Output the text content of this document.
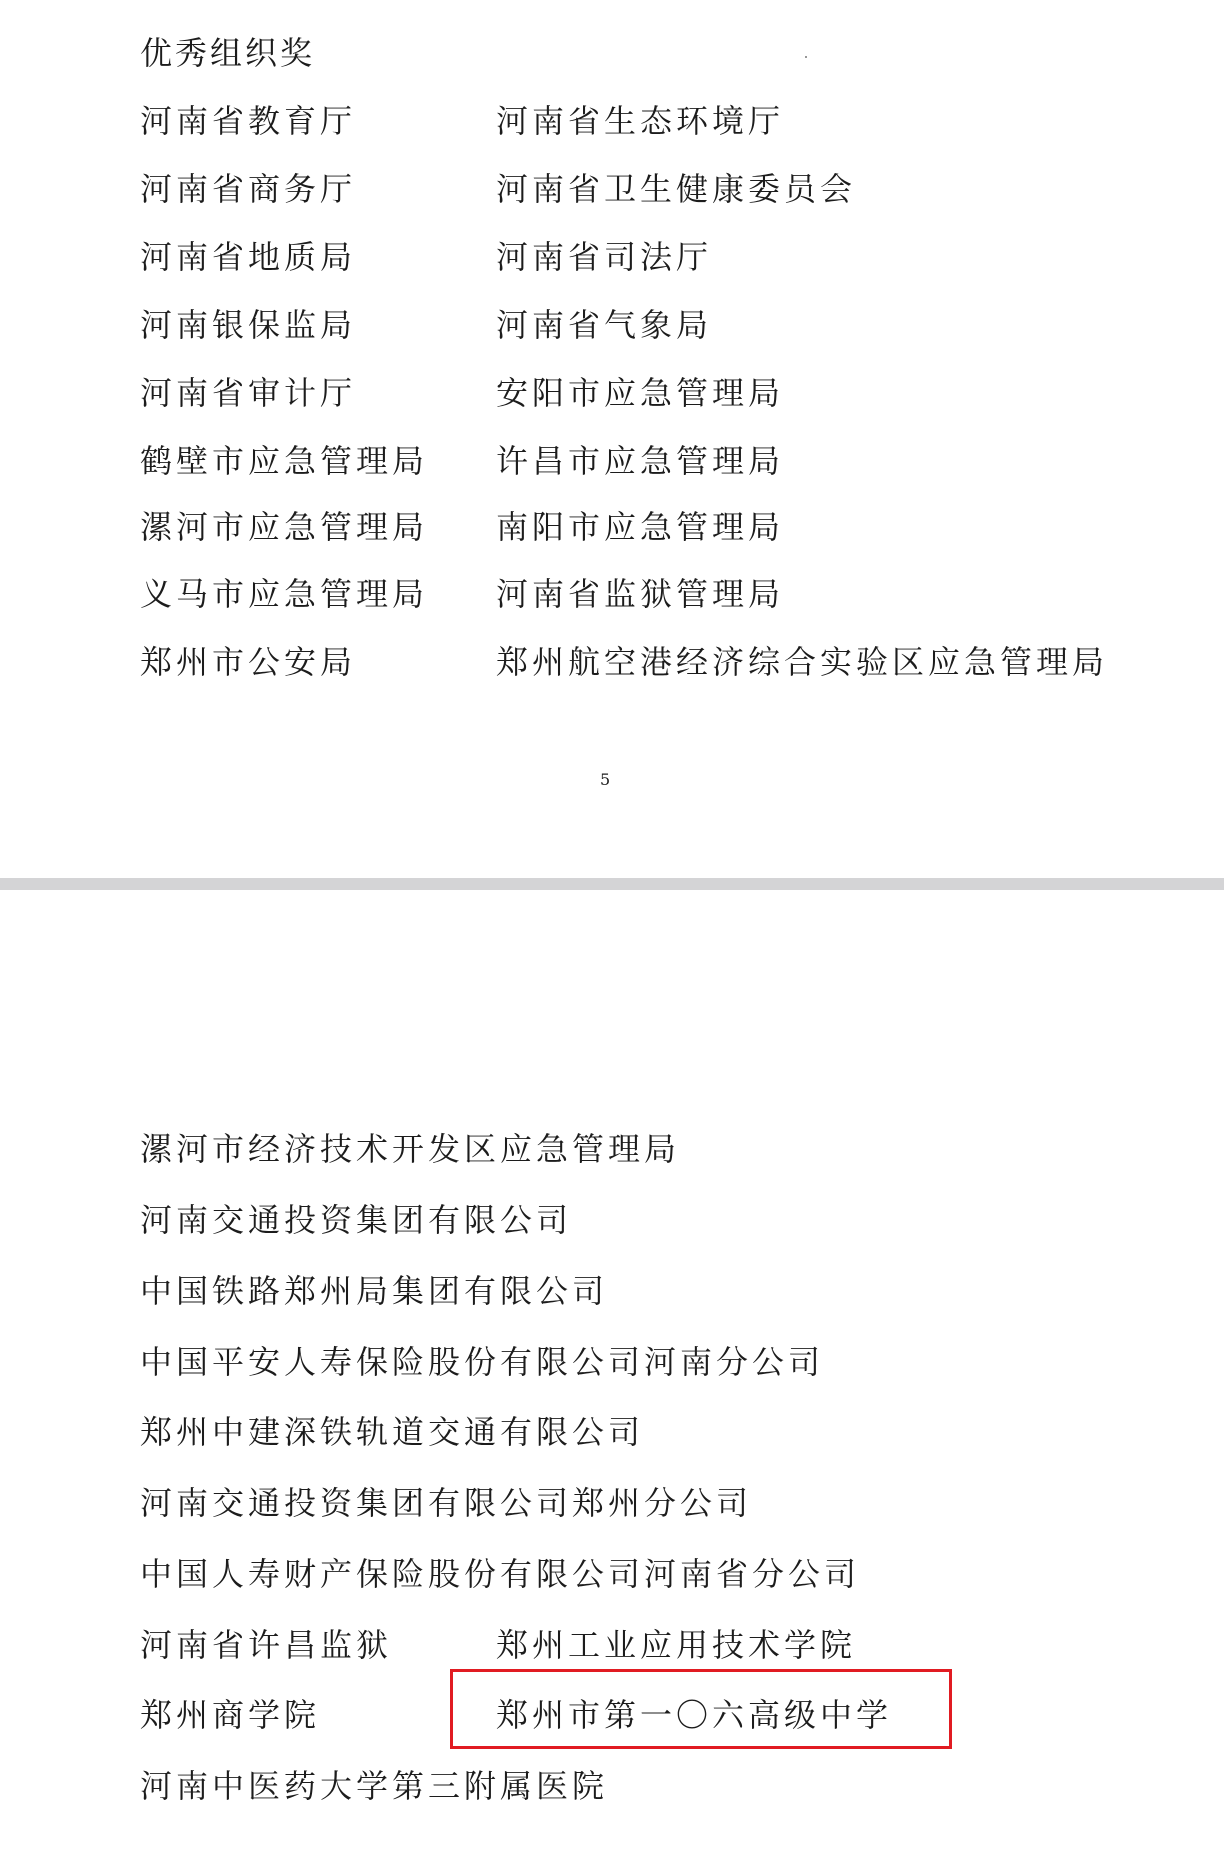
优秀组织奖
河南省教育厅	河南省生态环境厅
河南省商务厅	河南省卫生健康委员会
河南省地质局	河南省司法厅
河南银保监局	河南省气象局
河南省审计厅	安阳市应急管理局
鹤壁市应急管理局 许昌市应急管理局
漯河市应急管理局 南阳市应急管理局
义马市应急管理局 河南省监狱管理局
郑州市公安局	郑州航空港经济综合实验区应急管理局
5
漯河市经济技术开发区应急管理局
河南交通投资集团有限公司
中国铁路郑州局集团有限公司
中国平安人寿保险股份有限公司河南分公司
郑州中建深铁轨道交通有限公司
河南交通投资集团有限公司郑州分公司
中国人寿财产保险股份有限公司河南省分公司
河南省许昌监狱	郑州工业应用技术学院
郑州商学院	郑州市第一〇六高级中学
河南中医药大学第三附属医院
